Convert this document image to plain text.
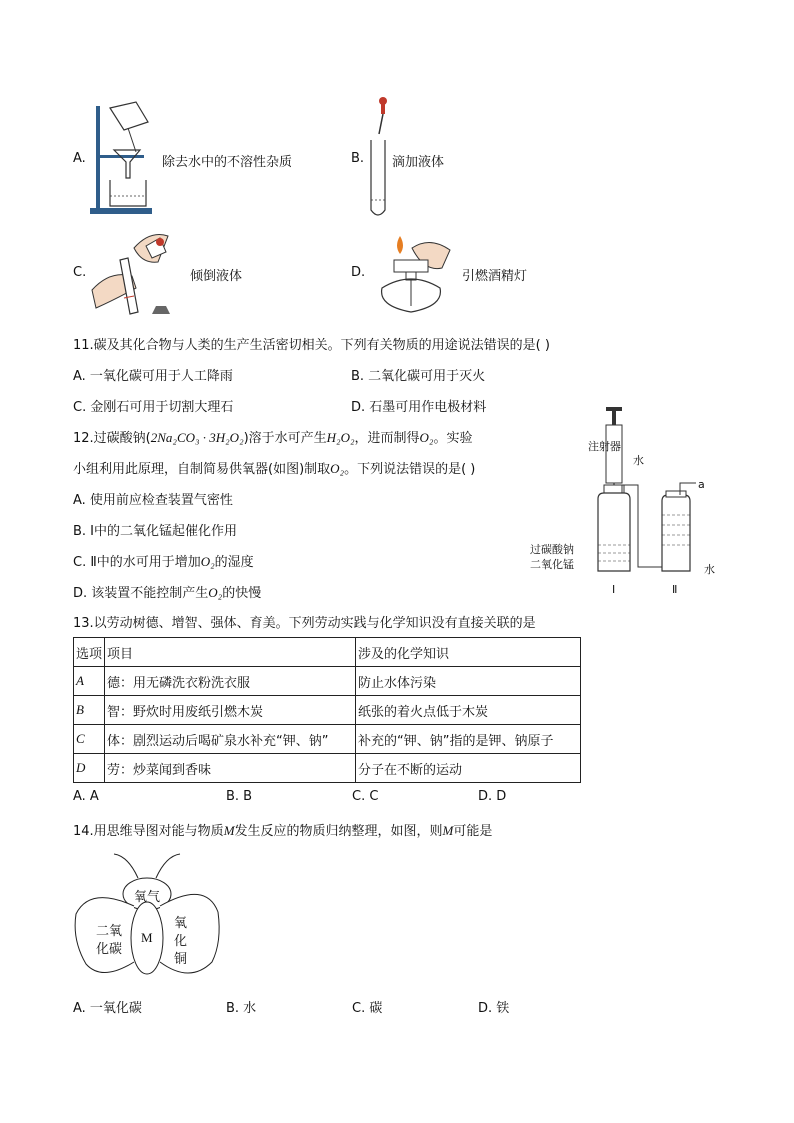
A.	除去水中的不溶性杂质	B. 滴加液体
C.	倾倒液体	D.	引燃酒精灯
11.碳及其化合物与人类的生产生活密切相关。下列有关物质的用途说法错误的是( )
A. 一氧化碳可用于人工降雨	B. 二氧化碳可用于灭火
C. 金刚石可用于切割大理石	D. 石墨可用作电极材料
12.过碳酸钠(2Na₂CO₃ · 3H₂O₂)溶于水可产生H₂O₂，进而制得O₂。实验
小组利用此原理，自制简易供氧器(如图)制取O₂。下列说法错误的是( )
A. 使用前应检查装置气密性
B. Ⅰ中的二氧化锰起催化作用
C. Ⅱ中的水可用于增加O₂的湿度
D. 该装置不能控制产生O₂的快慢
注射器
水
a
过碳酸钠
二氧化锰	水
Ⅰ	Ⅱ
13.以劳动树德、增智、强体、育美。下列劳动实践与化学知识没有直接关联的是
选项	项目	涉及的化学知识
A	德：用无磷洗衣粉洗衣服	防止水体污染
B	智：野炊时用废纸引燃木炭	纸张的着火点低于木炭
C	体：剧烈运动后喝矿泉水补充“钾、钠”	补充的“钾、钠”指的是钾、钠原子
D	劳：炒菜闻到香味	分子在不断的运动
A. A	B. B	C. C	D. D
14.用思维导图对能与物质M发生反应的物质归纳整理，如图，则M可能是
氧气
M
二氧
化碳
氧
化
铜
A. 一氧化碳	B. 水	C. 碳	D. 铁
